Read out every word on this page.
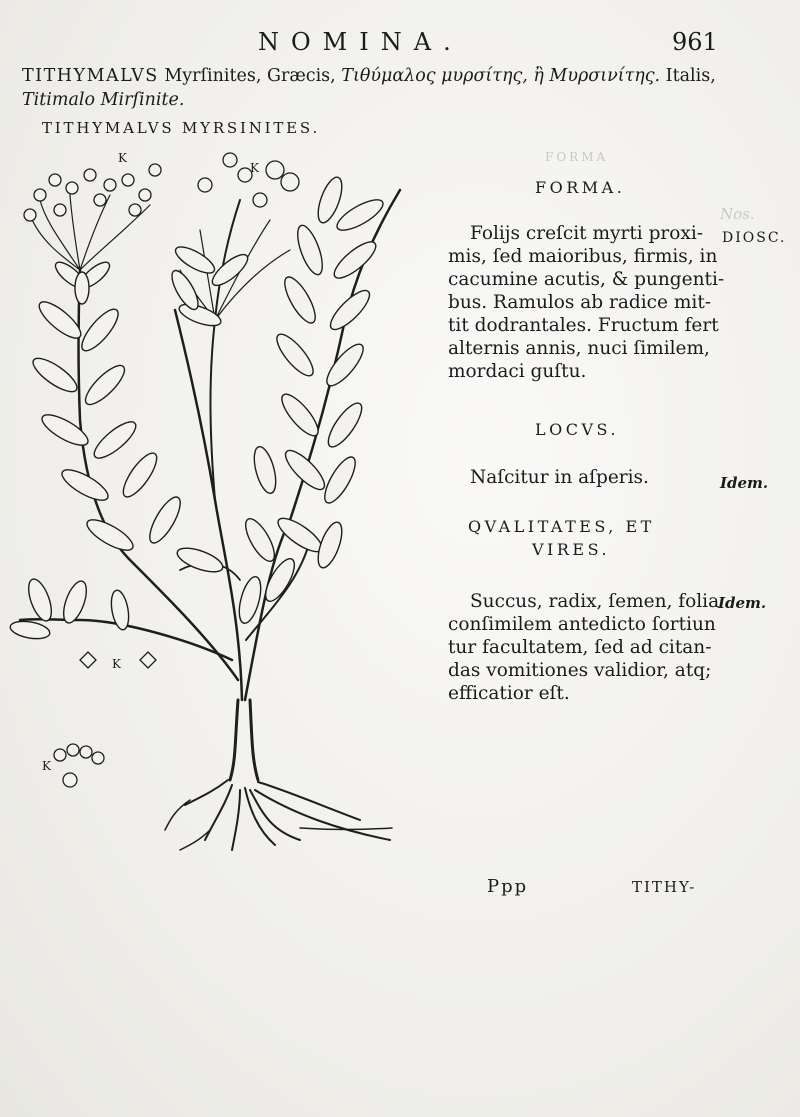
Nos.
FORMA
NOMINA.	961
TITHYMALVS Myrſinites, Græcis, Τιθύμαλος μυρσίτης, ἢ Μυρσινίτης. Italis, Titimalo Mirſinite.
TITHYMALVS MYRSINITES.
K
K
K
K
FORMA.
DIOSC.
Folijs creſcit myrti proxi-
mis, ſed maioribus, firmis, in
cacumine acutis, & pungenti-
bus. Ramulos ab radice mit-
tit dodrantales. Fructum fert
alternis annis, nuci ſimilem,
mordaci guſtu.
LOCVS.
Naſcitur in aſperis.	Idem.
QVALITATES, ET
VIRES.
Succus, radix, ſemen, folia
conſimilem antedicto ſortiun
tur facultatem, ſed ad citan-
das vomitiones validior, atq;
efficatior eſt.
Idem.
Ppp	TITHY-
